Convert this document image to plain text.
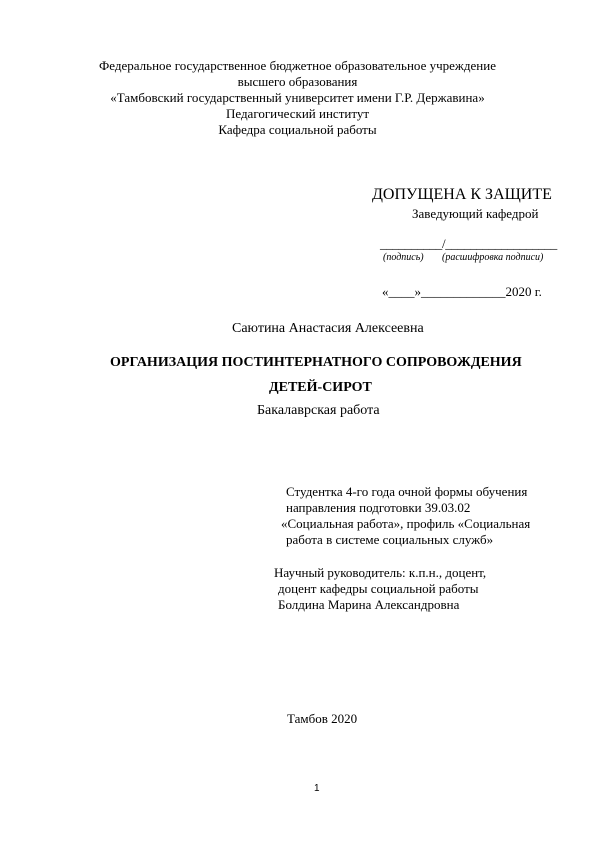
Федеральное государственное бюджетное образовательное учреждение
высшего образования
«Тамбовский государственный университет имени Г.Р. Державина»
Педагогический институт
Кафедра социальной работы
ДОПУЩЕНА К ЗАЩИТЕ
Заведующий кафедрой
__________/__________________
(подпись) (расшифровка подписи)
«____»_____________2020 г.
Саютина Анастасия Алексеевна
ОРГАНИЗАЦИЯ ПОСТИНТЕРНАТНОГО СОПРОВОЖДЕНИЯ
ДЕТЕЙ-СИРОТ
Бакалаврская работа
Студентка 4-го года очной формы обучения
направления подготовки 39.03.02
«Социальная работа», профиль «Социальная
работа в системе социальных служб»
Научный руководитель: к.п.н., доцент,
доцент кафедры социальной работы
Болдина Марина Александровна
Тамбов 2020
1
